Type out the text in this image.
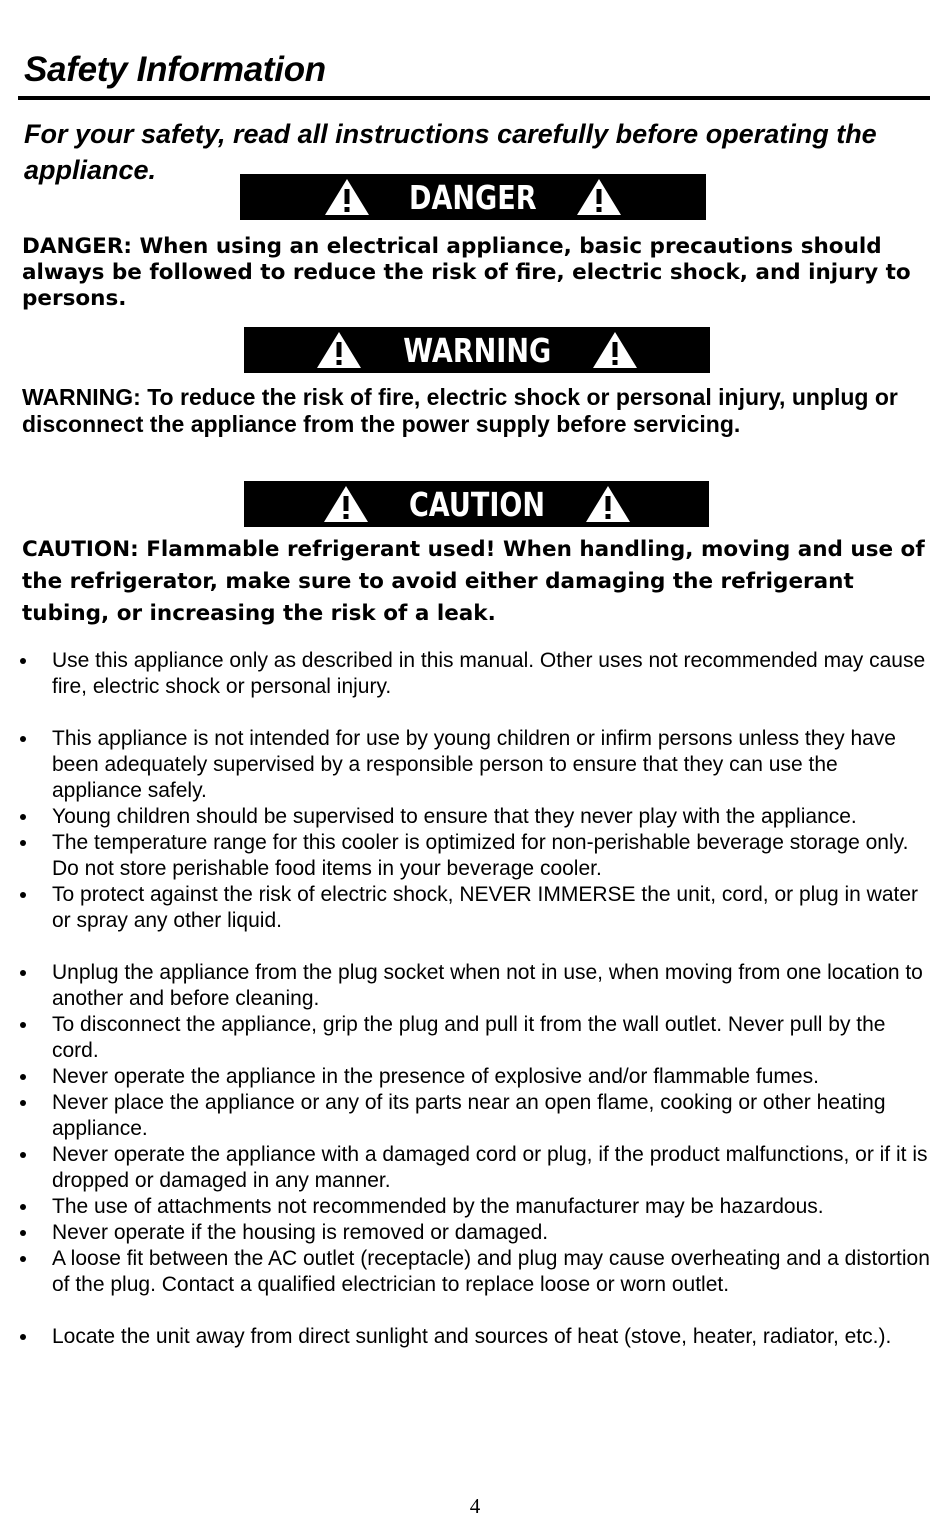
Safety Information

For your safety, read all instructions carefully before operating the appliance.

DANGER

DANGER: When using an electrical appliance, basic precautions should always be followed to reduce the risk of fire, electric shock, and injury to persons.

WARNING

WARNING: To reduce the risk of fire, electric shock or personal injury, unplug or disconnect the appliance from the power supply before servicing.

CAUTION

CAUTION: Flammable refrigerant used! When handling, moving and use of the refrigerator, make sure to avoid either damaging the refrigerant tubing, or increasing the risk of a leak.

Use this appliance only as described in this manual. Other uses not recommended may cause fire, electric shock or personal injury.
This appliance is not intended for use by young children or infirm persons unless they have been adequately supervised by a responsible person to ensure that they can use the appliance safely.
Young children should be supervised to ensure that they never play with the appliance.
The temperature range for this cooler is optimized for non-perishable beverage storage only. Do not store perishable food items in your beverage cooler.
To protect against the risk of electric shock, NEVER IMMERSE the unit, cord, or plug in water or spray any other liquid.
Unplug the appliance from the plug socket when not in use, when moving from one location to another and before cleaning.
To disconnect the appliance, grip the plug and pull it from the wall outlet. Never pull by the cord.
Never operate the appliance in the presence of explosive and/or flammable fumes.
Never place the appliance or any of its parts near an open flame, cooking or other heating appliance.
Never operate the appliance with a damaged cord or plug, if the product malfunctions, or if it is dropped or damaged in any manner.
The use of attachments not recommended by the manufacturer may be hazardous.
Never operate if the housing is removed or damaged.
A loose fit between the AC outlet (receptacle) and plug may cause overheating and a distortion of the plug. Contact a qualified electrician to replace loose or worn outlet.
Locate the unit away from direct sunlight and sources of heat (stove, heater, radiator, etc.).
4
